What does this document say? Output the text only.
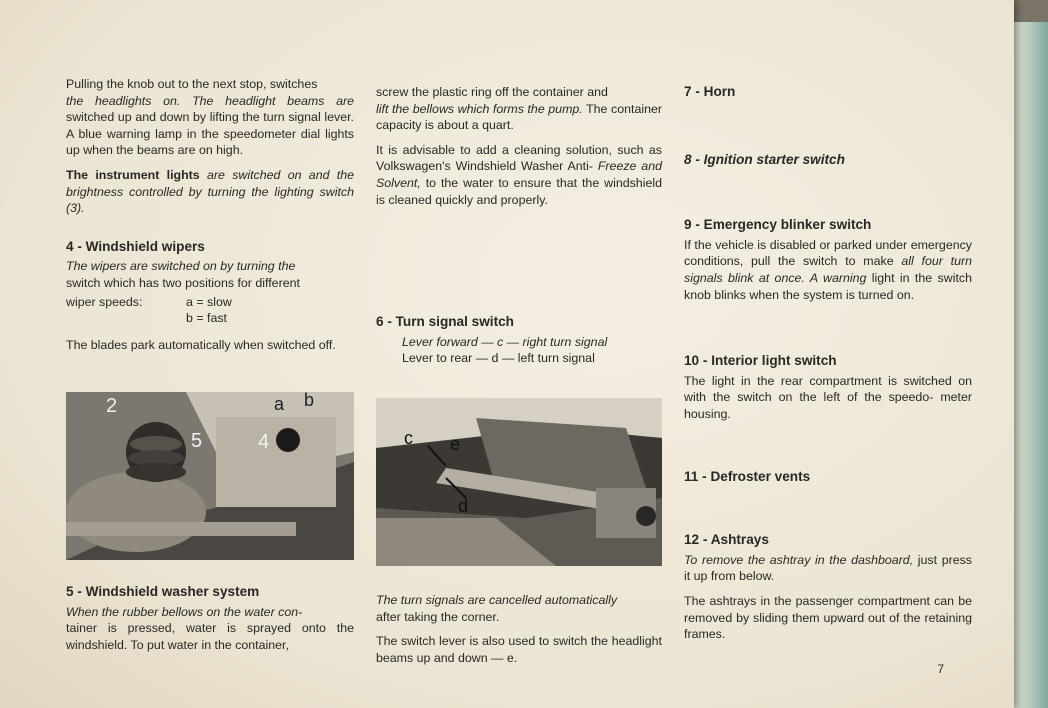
Pulling the knob out to the next stop, switches
the headlights on. The headlight beams are switched up and down by lifting the turn signal lever. A blue warning lamp in the speedometer dial lights up when the beams are on high.

The instrument lights are switched on and the brightness controlled by turning the lighting switch (3).

4 - Windshield wipers

The wipers are switched on by turning the
switch which has two positions for different

wiper speeds:	a = slow
b = fast

The blades park automatically when switched off.

2	a b
5	4
5 - Windshield washer system

When the rubber bellows on the water con-
tainer is pressed, water is sprayed onto the windshield. To put water in the container,

screw the plastic ring off the container and
lift the bellows which forms the pump. The container capacity is about a quart.

It is advisable to add a cleaning solution, such as Volkswagen's Windshield Washer Anti- Freeze and Solvent, to the water to ensure that the windshield is cleaned quickly and properly.

6 - Turn signal switch
Lever forward — c — right turn signal
Lever to rear — d — left turn signal
c e
d

The turn signals are cancelled automatically
after taking the corner.

The switch lever is also used to switch the headlight beams up and down — e.

7 - Horn
8 - Ignition starter switch
9 - Emergency blinker switch

If the vehicle is disabled or parked under emergency conditions, pull the switch to make all four turn signals blink at once. A warning light in the switch knob blinks when the system is turned on.

10 - Interior light switch

The light in the rear compartment is switched on with the switch on the left of the speedo- meter housing.

11 - Defroster vents
12 - Ashtrays

To remove the ashtray in the dashboard, just press it up from below.

The ashtrays in the passenger compartment can be removed by sliding them upward out of the retaining frames.

7
